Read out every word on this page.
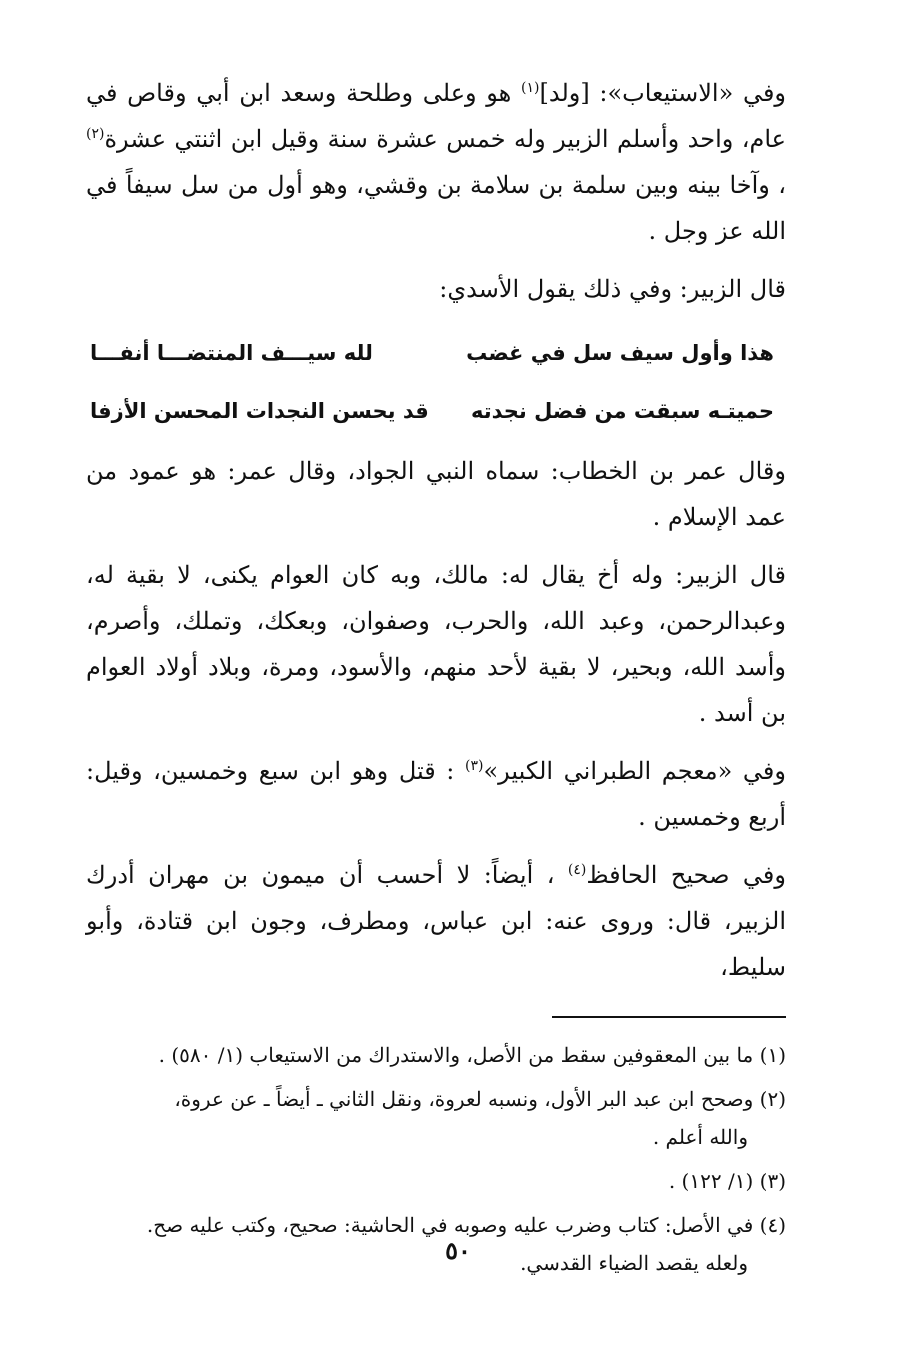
وفي «الاستيعاب»: [ولد]$^{(١)}$ هو وعلى وطلحة وسعد ابن أبي وقاص في عام، واحد وأسلم الزبير وله خمس عشرة سنة وقيل ابن اثنتي عشرة$^{(٢)}$ ، وآخا بينه وبين سلمة بن سلامة بن وقشي، وهو أول من سل سيفاً في الله عز وجل .

قال الزبير: وفي ذلك يقول الأسدي:

هذا وأول سيف سل في غضب
لله سيـــف المنتضـــا أنفـــا
حميتـه سبقت من فضل نجدته
قد يحسن النجدات المحسن الأزفا

وقال عمر بن الخطاب: سماه النبي الجواد، وقال عمر: هو عمود من عمد الإسلام .

قال الزبير: وله أخ يقال له: مالك، وبه كان العوام يكنى، لا بقية له، وعبدالرحمن، وعبد الله، والحرب، وصفوان، وبعكك، وتملك، وأصرم، وأسد الله، وبحير، لا بقية لأحد منهم، والأسود، ومرة، وبلاد أولاد العوام بن أسد .

وفي «معجم الطبراني الكبير»$^{(٣)}$ : قتل وهو ابن سبع وخمسين، وقيل: أربع وخمسين .

وفي صحيح الحافظ$^{(٤)}$ ، أيضاً: لا أحسب أن ميمون بن مهران أدرك الزبير، قال: وروى عنه: ابن عباس، ومطرف، وجون ابن قتادة، وأبو سليط،

(١) ما بين المعقوفين سقط من الأصل، والاستدراك من الاستيعاب (١/ ٥٨٠) .

(٢) وصحح ابن عبد البر الأول، ونسبه لعروة، ونقل الثاني ـ أيضاً ـ عن عروة،
والله أعلم .

(٣) (١/ ١٢٢) .

(٤) في الأصل: كتاب وضرب عليه وصوبه في الحاشية: صحيح، وكتب عليه صح.
ولعله يقصد الضياء القدسي.

٥٠
